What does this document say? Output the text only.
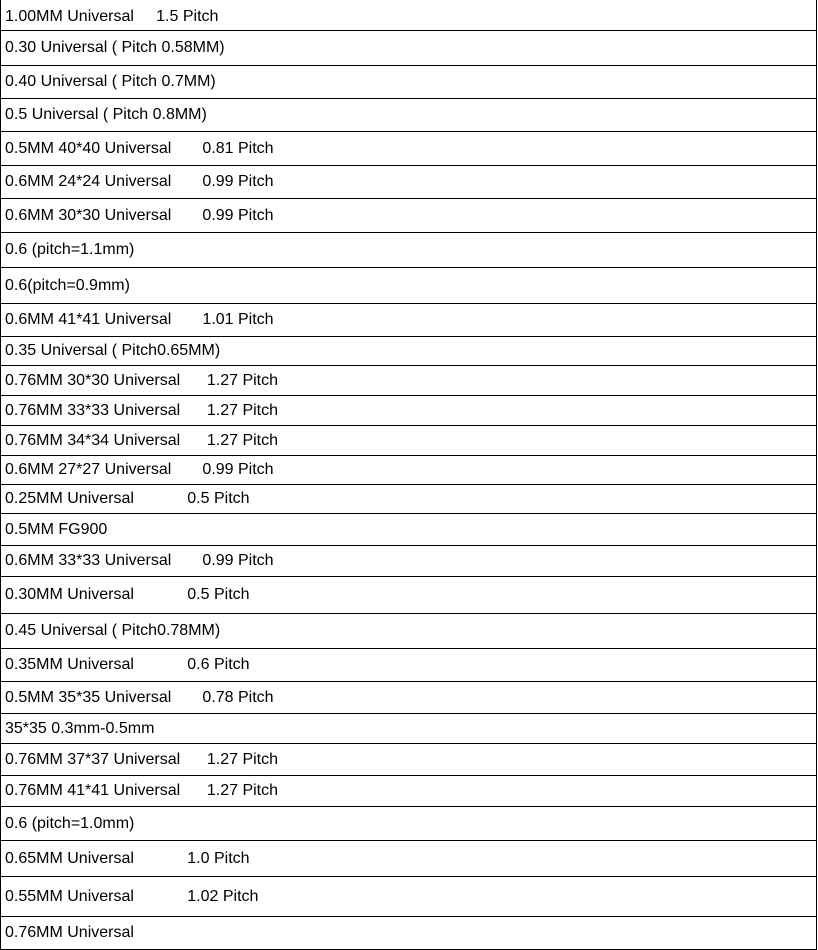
1.00MM Universal     1.5 Pitch
0.30 Universal ( Pitch 0.58MM)
0.40 Universal ( Pitch 0.7MM)
0.5 Universal ( Pitch 0.8MM)
0.5MM 40*40 Universal       0.81 Pitch
0.6MM 24*24 Universal       0.99 Pitch
0.6MM 30*30 Universal       0.99 Pitch
0.6 (pitch=1.1mm)
0.6(pitch=0.9mm)
0.6MM 41*41 Universal       1.01 Pitch
0.35 Universal ( Pitch0.65MM)
0.76MM 30*30 Universal      1.27 Pitch
0.76MM 33*33 Universal      1.27 Pitch
0.76MM 34*34 Universal      1.27 Pitch
0.6MM 27*27 Universal       0.99 Pitch
0.25MM Universal            0.5 Pitch
0.5MM FG900
0.6MM 33*33 Universal       0.99 Pitch
0.30MM Universal            0.5 Pitch
0.45 Universal ( Pitch0.78MM)
0.35MM Universal            0.6 Pitch
0.5MM 35*35 Universal       0.78 Pitch
35*35 0.3mm-0.5mm
0.76MM 37*37 Universal      1.27 Pitch
0.76MM 41*41 Universal      1.27 Pitch
0.6 (pitch=1.0mm)
0.65MM Universal            1.0 Pitch
0.55MM Universal            1.02 Pitch
0.76MM Universal
